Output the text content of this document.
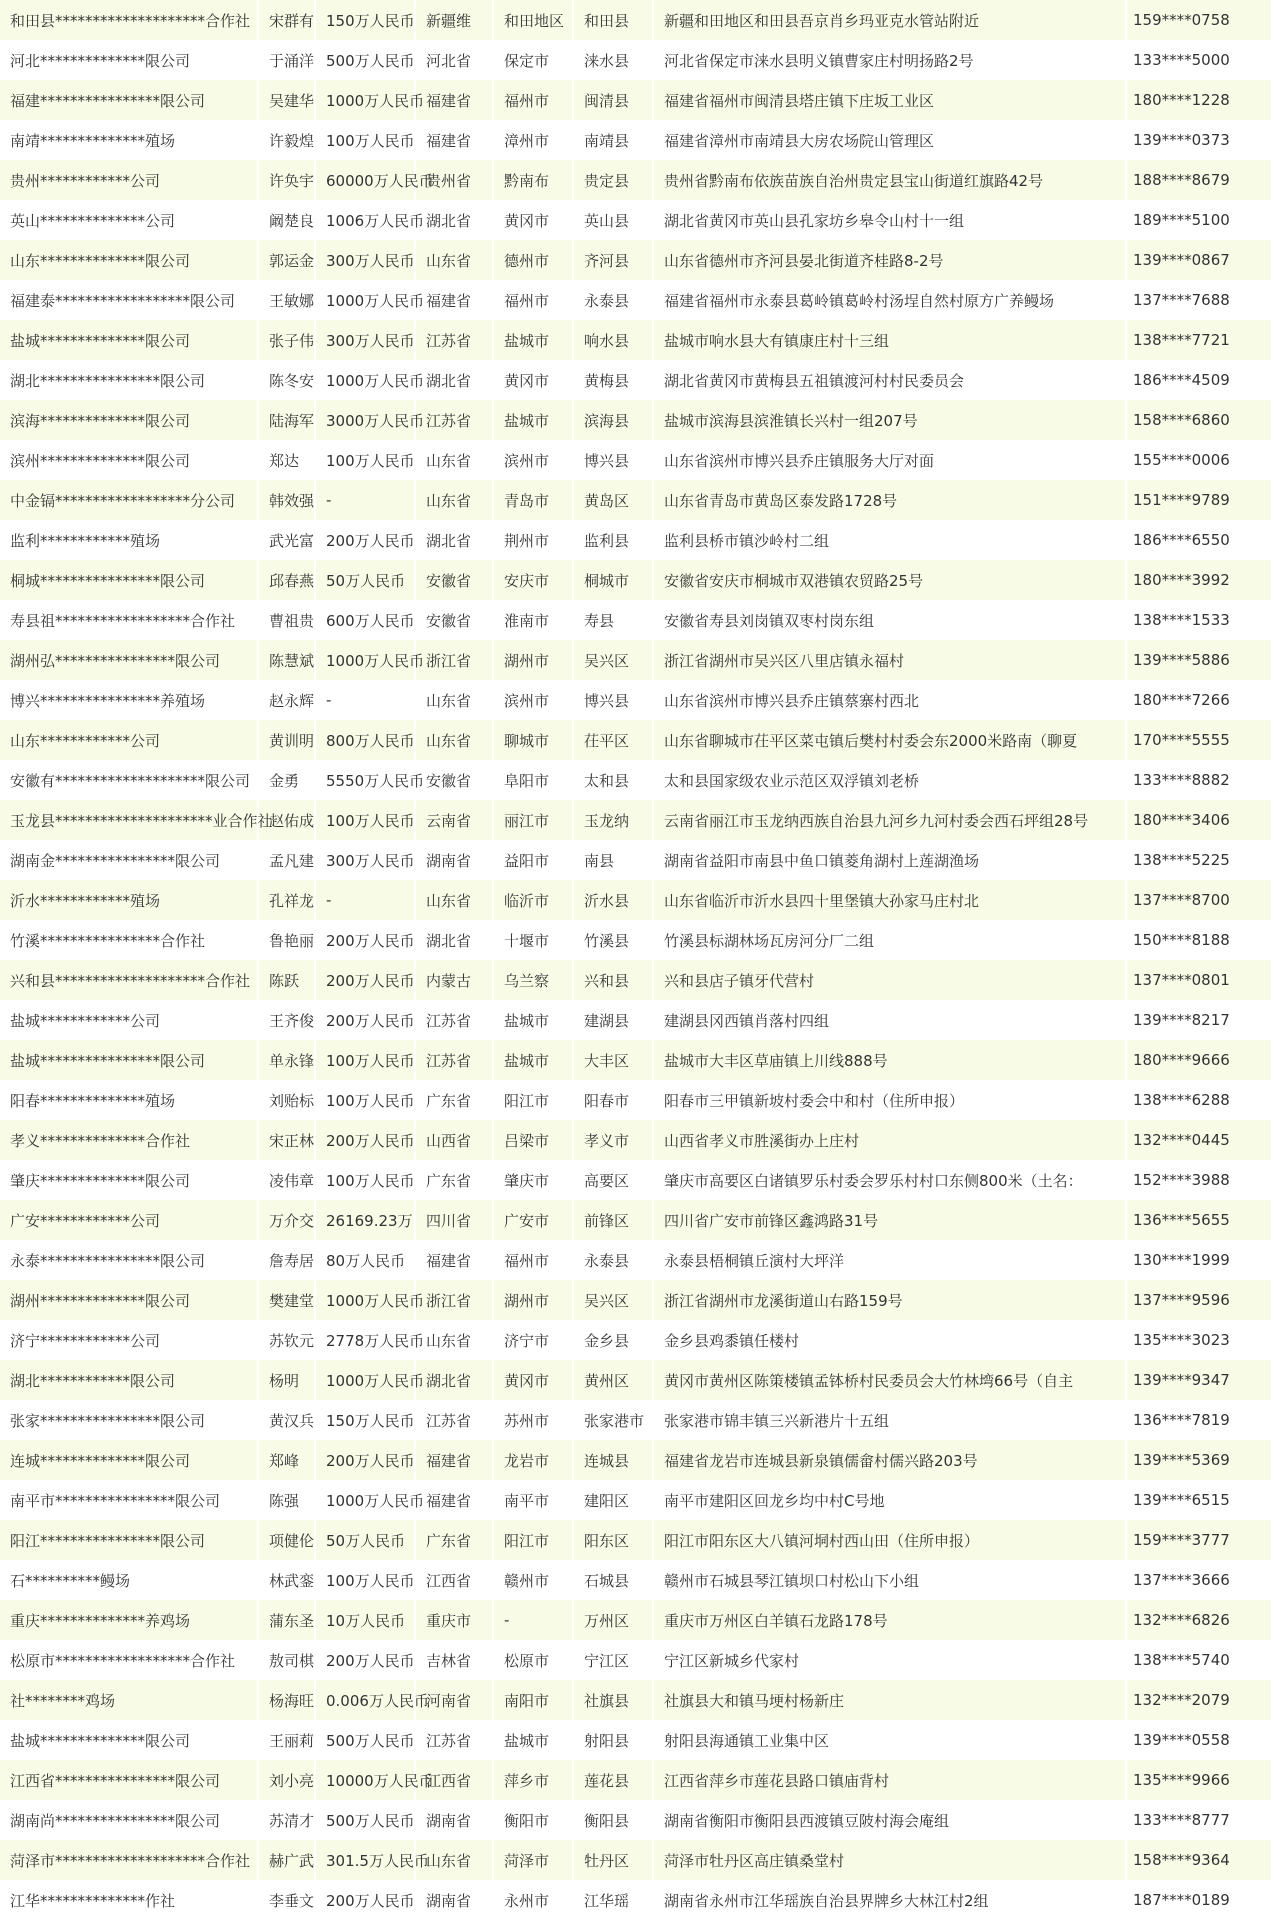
和田县********************合作社	宋群有	150万人民币	新疆维	和田地区	和田县	新疆和田地区和田县吾京肖乡玛亚克水管站附近	159****0758
河北**************限公司	于涌洋	500万人民币	河北省	保定市	涞水县	河北省保定市涞水县明义镇曹家庄村明扬路2号	133****5000
福建****************限公司	吴建华	1000万人民币	福建省	福州市	闽清县	福建省福州市闽清县塔庄镇下庄坂工业区	180****1228
南靖**************殖场	许毅煌	100万人民币	福建省	漳州市	南靖县	福建省漳州市南靖县大房农场院山管理区	139****0373
贵州************公司	许奂宇	60000万人民币	贵州省	黔南布	贵定县	贵州省黔南布依族苗族自治州贵定县宝山街道红旗路42号	188****8679
英山**************公司	阚楚良	1006万人民币	湖北省	黄冈市	英山县	湖北省黄冈市英山县孔家坊乡皋令山村十一组	189****5100
山东**************限公司	郭运金	300万人民币	山东省	德州市	齐河县	山东省德州市齐河县晏北街道齐桂路8-2号	139****0867
福建泰******************限公司	王敏娜	1000万人民币	福建省	福州市	永泰县	福建省福州市永泰县葛岭镇葛岭村汤埕自然村原方广养鳗场	137****7688
盐城**************限公司	张子伟	300万人民币	江苏省	盐城市	响水县	盐城市响水县大有镇康庄村十三组	138****7721
湖北****************限公司	陈冬安	1000万人民币	湖北省	黄冈市	黄梅县	湖北省黄冈市黄梅县五祖镇渡河村村民委员会	186****4509
滨海**************限公司	陆海军	3000万人民币	江苏省	盐城市	滨海县	盐城市滨海县滨淮镇长兴村一组207号	158****6860
滨州**************限公司	郑达	100万人民币	山东省	滨州市	博兴县	山东省滨州市博兴县乔庄镇服务大厅对面	155****0006
中金镉******************分公司	韩效强	-	山东省	青岛市	黄岛区	山东省青岛市黄岛区泰发路1728号	151****9789
监利************殖场	武光富	200万人民币	湖北省	荆州市	监利县	监利县桥市镇沙岭村二组	186****6550
桐城****************限公司	邱春燕	50万人民币	安徽省	安庆市	桐城市	安徽省安庆市桐城市双港镇农贸路25号	180****3992
寿县祖******************合作社	曹祖贵	600万人民币	安徽省	淮南市	寿县	安徽省寿县刘岗镇双枣村岗东组	138****1533
湖州弘****************限公司	陈慧斌	1000万人民币	浙江省	湖州市	吴兴区	浙江省湖州市吴兴区八里店镇永福村	139****5886
博兴****************养殖场	赵永辉	-	山东省	滨州市	博兴县	山东省滨州市博兴县乔庄镇蔡寨村西北	180****7266
山东************公司	黄训明	800万人民币	山东省	聊城市	茌平区	山东省聊城市茌平区菜屯镇后樊村村委会东2000米路南（聊夏	170****5555
安徽有********************限公司	金勇	5550万人民币	安徽省	阜阳市	太和县	太和县国家级农业示范区双浮镇刘老桥	133****8882
玉龙县*********************业合作社	赵佑成	100万人民币	云南省	丽江市	玉龙纳	云南省丽江市玉龙纳西族自治县九河乡九河村委会西石坪组28号	180****3406
湖南金****************限公司	孟凡建	300万人民币	湖南省	益阳市	南县	湖南省益阳市南县中鱼口镇菱角湖村上莲湖渔场	138****5225
沂水************殖场	孔祥龙	-	山东省	临沂市	沂水县	山东省临沂市沂水县四十里堡镇大孙家马庄村北	137****8700
竹溪****************合作社	鲁艳丽	200万人民币	湖北省	十堰市	竹溪县	竹溪县标湖林场瓦房河分厂二组	150****8188
兴和县********************合作社	陈跃	200万人民币	内蒙古	乌兰察	兴和县	兴和县店子镇牙代营村	137****0801
盐城************公司	王齐俊	200万人民币	江苏省	盐城市	建湖县	建湖县冈西镇肖落村四组	139****8217
盐城****************限公司	单永锋	100万人民币	江苏省	盐城市	大丰区	盐城市大丰区草庙镇上川线888号	180****9666
阳春**************殖场	刘贻标	100万人民币	广东省	阳江市	阳春市	阳春市三甲镇新坡村委会中和村（住所申报）	138****6288
孝义**************合作社	宋正林	200万人民币	山西省	吕梁市	孝义市	山西省孝义市胜溪街办上庄村	132****0445
肇庆**************限公司	凌伟章	100万人民币	广东省	肇庆市	高要区	肇庆市高要区白诸镇罗乐村委会罗乐村村口东侧800米（土名：	152****3988
广安************公司	万介交	26169.23万	四川省	广安市	前锋区	四川省广安市前锋区鑫鸿路31号	136****5655
永泰****************限公司	詹寿居	80万人民币	福建省	福州市	永泰县	永泰县梧桐镇丘演村大坪洋	130****1999
湖州**************限公司	樊建堂	1000万人民币	浙江省	湖州市	吴兴区	浙江省湖州市龙溪街道山右路159号	137****9596
济宁************公司	苏钦元	2778万人民币	山东省	济宁市	金乡县	金乡县鸡黍镇任楼村	135****3023
湖北************限公司	杨明	1000万人民币	湖北省	黄冈市	黄州区	黄冈市黄州区陈策楼镇孟钵桥村民委员会大竹林塆66号（自主	139****9347
张家****************限公司	黄汉兵	150万人民币	江苏省	苏州市	张家港市	张家港市锦丰镇三兴新港片十五组	136****7819
连城**************限公司	郑峰	200万人民币	福建省	龙岩市	连城县	福建省龙岩市连城县新泉镇儒畲村儒兴路203号	139****5369
南平市****************限公司	陈强	1000万人民币	福建省	南平市	建阳区	南平市建阳区回龙乡均中村C号地	139****6515
阳江****************限公司	项健伦	50万人民币	广东省	阳江市	阳东区	阳江市阳东区大八镇河垌村西山田（住所申报）	159****3777
石**********鳗场	林武銮	100万人民币	江西省	赣州市	石城县	赣州市石城县琴江镇坝口村松山下小组	137****3666
重庆**************养鸡场	蒲东圣	10万人民币	重庆市	-	万州区	重庆市万州区白羊镇石龙路178号	132****6826
松原市******************合作社	敖司棋	200万人民币	吉林省	松原市	宁江区	宁江区新城乡代家村	138****5740
社********鸡场	杨海旺	0.006万人民币	河南省	南阳市	社旗县	社旗县大和镇马埂村杨新庄	132****2079
盐城**************限公司	王丽莉	500万人民币	江苏省	盐城市	射阳县	射阳县海通镇工业集中区	139****0558
江西省****************限公司	刘小亮	10000万人民币	江西省	萍乡市	莲花县	江西省萍乡市莲花县路口镇庙背村	135****9966
湖南尚****************限公司	苏清才	500万人民币	湖南省	衡阳市	衡阳县	湖南省衡阳市衡阳县西渡镇豆陂村海会庵组	133****8777
菏泽市********************合作社	赫广武	301.5万人民币	山东省	菏泽市	牡丹区	菏泽市牡丹区高庄镇桑堂村	158****9364
江华**************作社	李垂文	200万人民币	湖南省	永州市	江华瑶	湖南省永州市江华瑶族自治县界牌乡大林江村2组	187****0189
